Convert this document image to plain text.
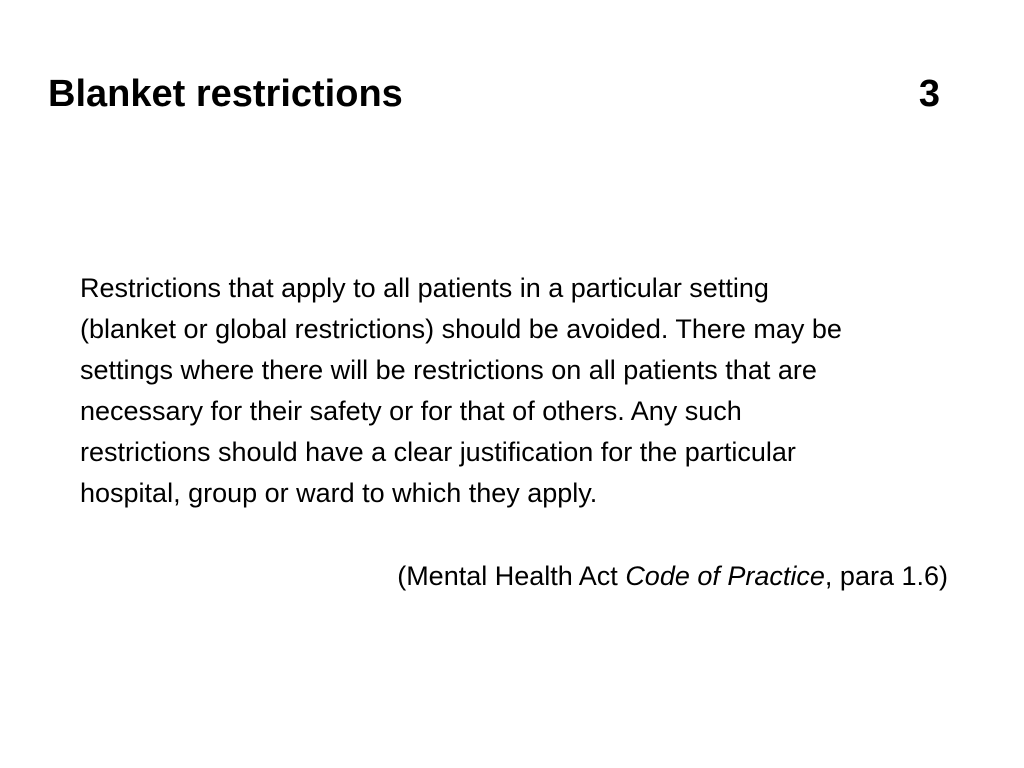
Blanket restrictions	3
Restrictions that apply to all patients in a particular setting
(blanket or global restrictions) should be avoided. There may be
settings where there will be restrictions on all patients that are
necessary for their safety or for that of others. Any such
restrictions should have a clear justification for the particular
hospital, group or ward to which they apply.
(Mental Health Act Code of Practice, para 1.6)
